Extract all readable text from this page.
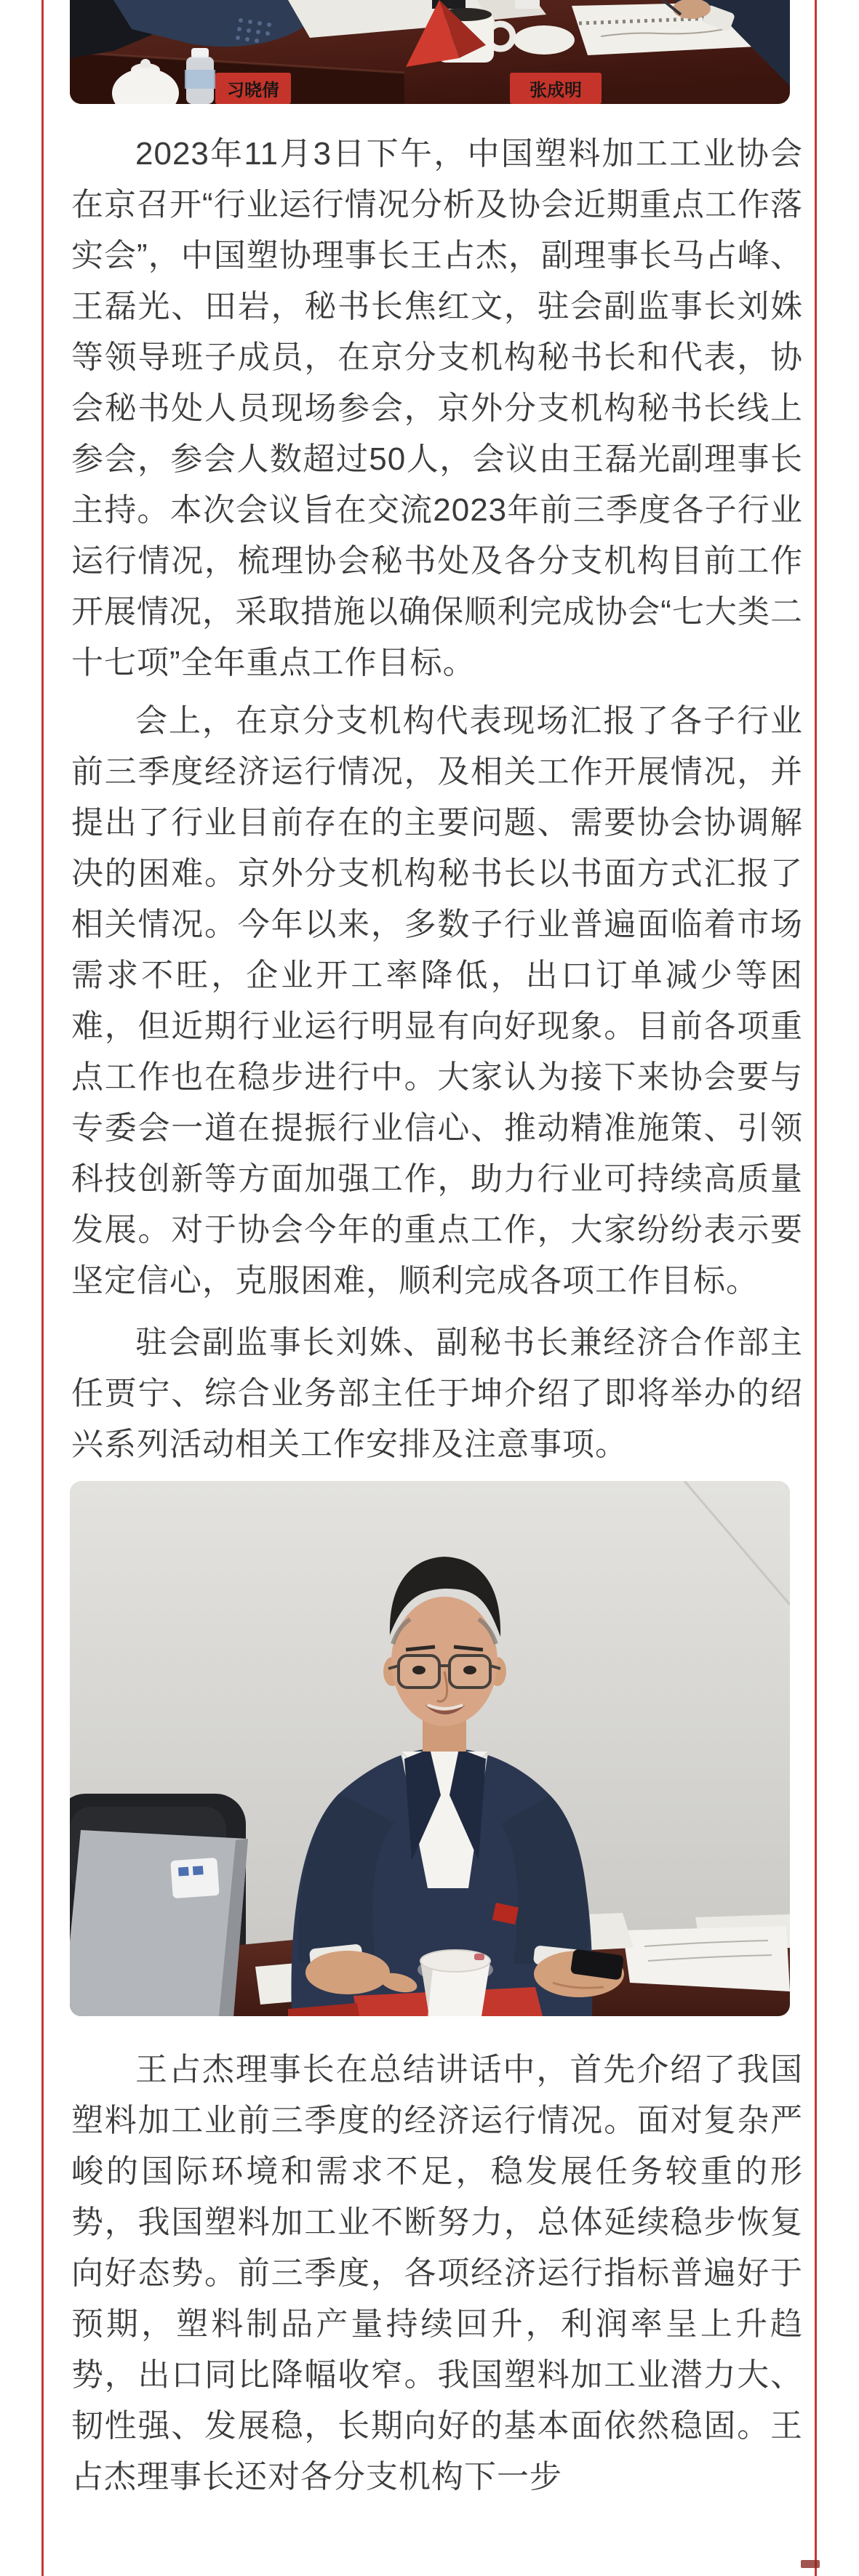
习晓倩	张成明

2023年11月3日下午，中国塑料加工工业协会在京召开“行业运行情况分析及协会近期重点工作落实会”，中国塑协理事长王占杰，副理事长马占峰、王磊光、田岩，秘书长焦红文，驻会副监事长刘姝等领导班子成员，在京分支机构秘书长和代表，协会秘书处人员现场参会，京外分支机构秘书长线上参会，参会人数超过50人，会议由王磊光副理事长主持。本次会议旨在交流2023年前三季度各子行业运行情况，梳理协会秘书处及各分支机构目前工作开展情况，采取措施以确保顺利完成协会“七大类二十七项”全年重点工作目标。

会上，在京分支机构代表现场汇报了各子行业前三季度经济运行情况，及相关工作开展情况，并提出了行业目前存在的主要问题、需要协会协调解决的困难。京外分支机构秘书长以书面方式汇报了相关情况。今年以来，多数子行业普遍面临着市场需求不旺，企业开工率降低，出口订单减少等困难，但近期行业运行明显有向好现象。目前各项重点工作也在稳步进行中。大家认为接下来协会要与专委会一道在提振行业信心、推动精准施策、引领科技创新等方面加强工作，助力行业可持续高质量发展。对于协会今年的重点工作，大家纷纷表示要坚定信心，克服困难，顺利完成各项工作目标。

驻会副监事长刘姝、副秘书长兼经济合作部主任贾宁、综合业务部主任于坤介绍了即将举办的绍兴系列活动相关工作安排及注意事项。

王占杰理事长在总结讲话中，首先介绍了我国塑料加工业前三季度的经济运行情况。面对复杂严峻的国际环境和需求不足，稳发展任务较重的形势，我国塑料加工业不断努力，总体延续稳步恢复向好态势。前三季度，各项经济运行指标普遍好于预期，塑料制品产量持续回升，利润率呈上升趋势，出口同比降幅收窄。我国塑料加工业潜力大、韧性强、发展稳，长期向好的基本面依然稳固。王占杰理事长还对各分支机构下一步
